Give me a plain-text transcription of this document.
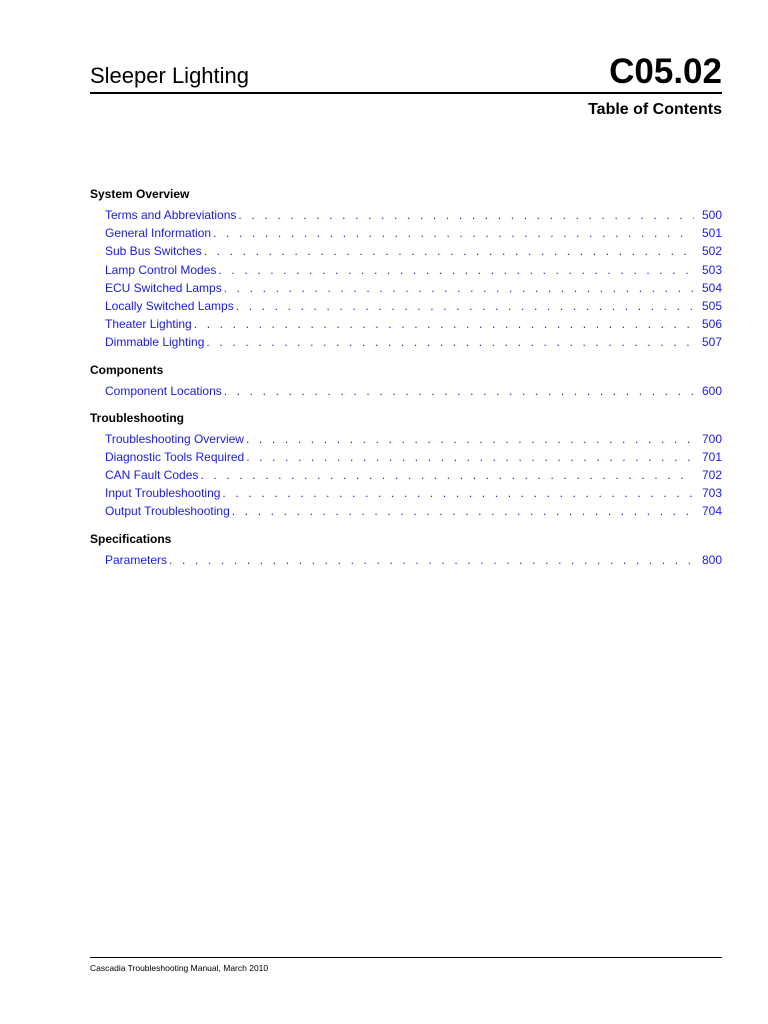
Sleeper Lighting	C05.02
Table of Contents
System Overview
Terms and Abbreviations . . .	500
General Information . . .	501
Sub Bus Switches . . .	502
Lamp Control Modes . . .	503
ECU Switched Lamps . . .	504
Locally Switched Lamps . . .	505
Theater Lighting . . .	506
Dimmable Lighting . . .	507
Components
Component Locations . . .	600
Troubleshooting
Troubleshooting Overview . . .	700
Diagnostic Tools Required . . .	701
CAN Fault Codes . . .	702
Input Troubleshooting . . .	703
Output Troubleshooting . . .	704
Specifications
Parameters . . .	800
Cascadia Troubleshooting Manual, March 2010
